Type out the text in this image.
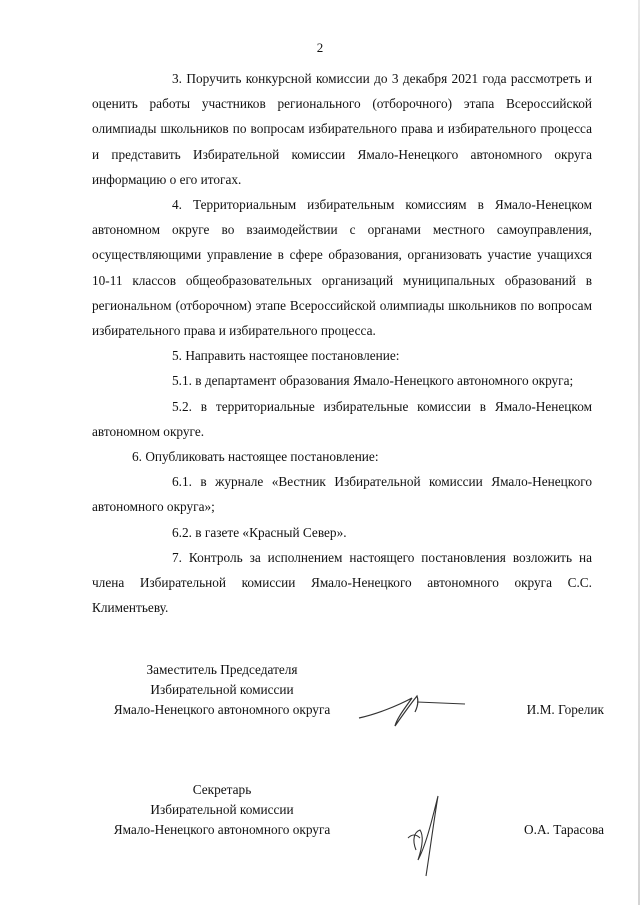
2

3. Поручить конкурсной комиссии до 3 декабря 2021 года рассмотреть и оценить работы участников регионального (отборочного) этапа Всероссийской олимпиады школьников по вопросам избирательного права и избирательного процесса и представить Избирательной комиссии Ямало-Ненецкого автономного округа информацию о его итогах.

4. Территориальным избирательным комиссиям в Ямало-Ненецком автономном округе во взаимодействии с органами местного самоуправления, осуществляющими управление в сфере образования, организовать участие учащихся 10-11 классов общеобразовательных организаций муниципальных образований в региональном (отборочном) этапе Всероссийской олимпиады школьников по вопросам избирательного права и избирательного процесса.

5. Направить настоящее постановление:

5.1. в департамент образования Ямало-Ненецкого автономного округа;

5.2. в территориальные избирательные комиссии в Ямало-Ненецком автономном округе.

6. Опубликовать настоящее постановление:

6.1. в журнале «Вестник Избирательной комиссии Ямало-Ненецкого автономного округа»;

6.2. в газете «Красный Север».

7. Контроль за исполнением настоящего постановления возложить на члена Избирательной комиссии Ямало-Ненецкого автономного округа С.С. Климентьеву.

Заместитель Председателя
Избирательной комиссии
Ямало-Ненецкого автономного округа	И.М. Горелик
Секретарь
Избирательной комиссии
Ямало-Ненецкого автономного округа	О.А. Тарасова
